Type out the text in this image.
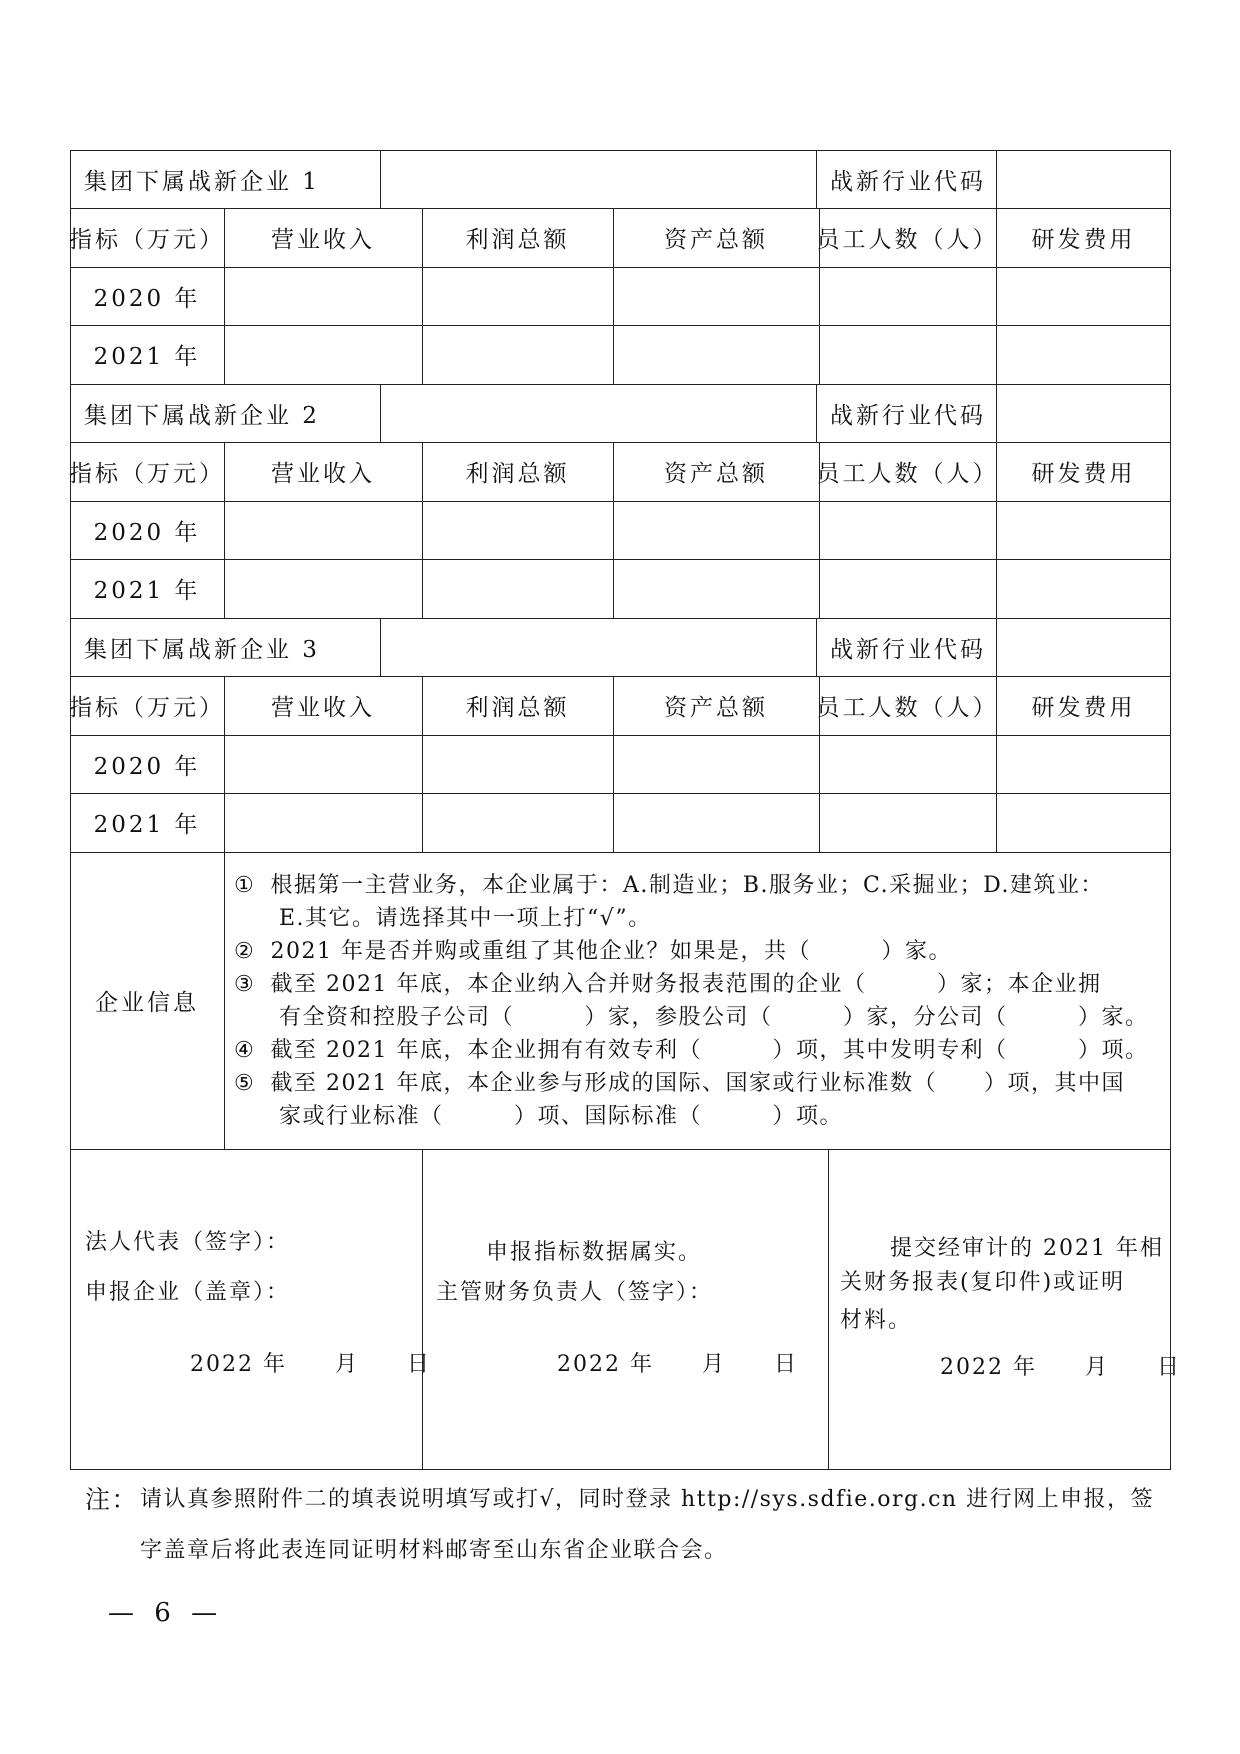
集团下属战新企业 1	战新行业代码
指标（万元）	营业收入	利润总额	资产总额	员工人数（人）	研发费用
2020 年
2021 年
集团下属战新企业 2	战新行业代码
指标（万元）	营业收入	利润总额	资产总额	员工人数（人）	研发费用
2020 年
2021 年
集团下属战新企业 3	战新行业代码
指标（万元）	营业收入	利润总额	资产总额	员工人数（人）	研发费用
2020 年
2021 年
企业信息
① 根据第一主营业务，本企业属于：A.制造业；B.服务业；C.采掘业；D.建筑业：
E.其它。请选择其中一项上打“√”。
② 2021 年是否并购或重组了其他企业？如果是，共（　　　）家。
③ 截至 2021 年底，本企业纳入合并财务报表范围的企业（　　　）家；本企业拥
有全资和控股子公司（　　　）家，参股公司（　　　）家，分公司（　　　）家。
④ 截至 2021 年底，本企业拥有有效专利（　　　）项，其中发明专利（　　　）项。
⑤ 截至 2021 年底，本企业参与形成的国际、国家或行业标准数（　　）项，其中国
家或行业标准（　　　）项、国际标准（　　　）项。
法人代表（签字）：
申报企业（盖章）：
2022 年　　月　　日
申报指标数据属实。
主管财务负责人（签字）：
2022 年　　月　　日
提交经审计的 2021 年相
关财务报表(复印件)或证明
材料。
2022 年　　月　　日
注： 请认真参照附件二的填表说明填写或打√，同时登录 http://sys.sdfie.org.cn 进行网上申报，签
字盖章后将此表连同证明材料邮寄至山东省企业联合会。
— 6 —
